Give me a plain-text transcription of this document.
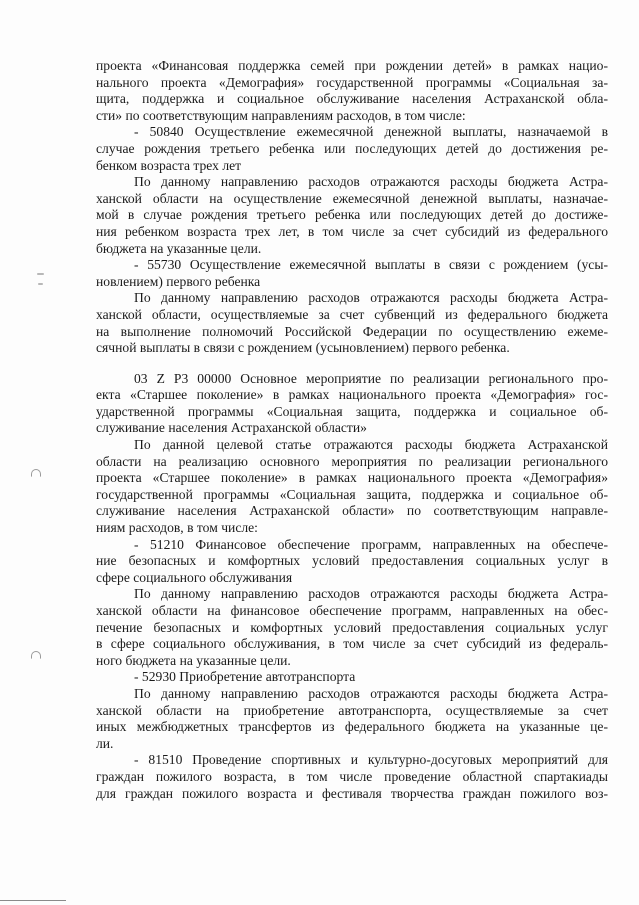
проекта «Финансовая поддержка семей при рождении детей» в рамках нацио-
нального проекта «Демография» государственной программы «Социальная за-
щита, поддержка и социальное обслуживание населения Астраханской обла-
сти» по соответствующим направлениям расходов, в том числе:
- 50840 Осуществление ежемесячной денежной выплаты, назначаемой в
случае рождения третьего ребенка или последующих детей до достижения ре-
бенком возраста трех лет
По данному направлению расходов отражаются расходы бюджета Астра-
ханской области на осуществление ежемесячной денежной выплаты, назначае-
мой в случае рождения третьего ребенка или последующих детей до достиже-
ния ребенком возраста трех лет, в том числе за счет субсидий из федерального
бюджета на указанные цели.
- 55730 Осуществление ежемесячной выплаты в связи с рождением (усы-
новлением) первого ребенка
По данному направлению расходов отражаются расходы бюджета Астра-
ханской области, осуществляемые за счет субвенций из федерального бюджета
на выполнение полномочий Российской Федерации по осуществлению ежеме-
сячной выплаты в связи с рождением (усыновлением) первого ребенка.
03 Z P3 00000 Основное мероприятие по реализации регионального про-
екта «Старшее поколение» в рамках национального проекта «Демография» гос-
ударственной программы «Социальная защита, поддержка и социальное об-
служивание населения Астраханской области»
По данной целевой статье отражаются расходы бюджета Астраханской
области на реализацию основного мероприятия по реализации регионального
проекта «Старшее поколение» в рамках национального проекта «Демография»
государственной программы «Социальная защита, поддержка и социальное об-
служивание населения Астраханской области» по соответствующим направле-
ниям расходов, в том числе:
- 51210 Финансовое обеспечение программ, направленных на обеспече-
ние безопасных и комфортных условий предоставления социальных услуг в
сфере социального обслуживания
По данному направлению расходов отражаются расходы бюджета Астра-
ханской области на финансовое обеспечение программ, направленных на обес-
печение безопасных и комфортных условий предоставления социальных услуг
в сфере социального обслуживания, в том числе за счет субсидий из федераль-
ного бюджета на указанные цели.
- 52930 Приобретение автотранспорта
По данному направлению расходов отражаются расходы бюджета Астра-
ханской области на приобретение автотранспорта, осуществляемые за счет
иных межбюджетных трансфертов из федерального бюджета на указанные це-
ли.
- 81510 Проведение спортивных и культурно-досуговых мероприятий для
граждан пожилого возраста, в том числе проведение областной спартакиады
для граждан пожилого возраста и фестиваля творчества граждан пожилого воз-
